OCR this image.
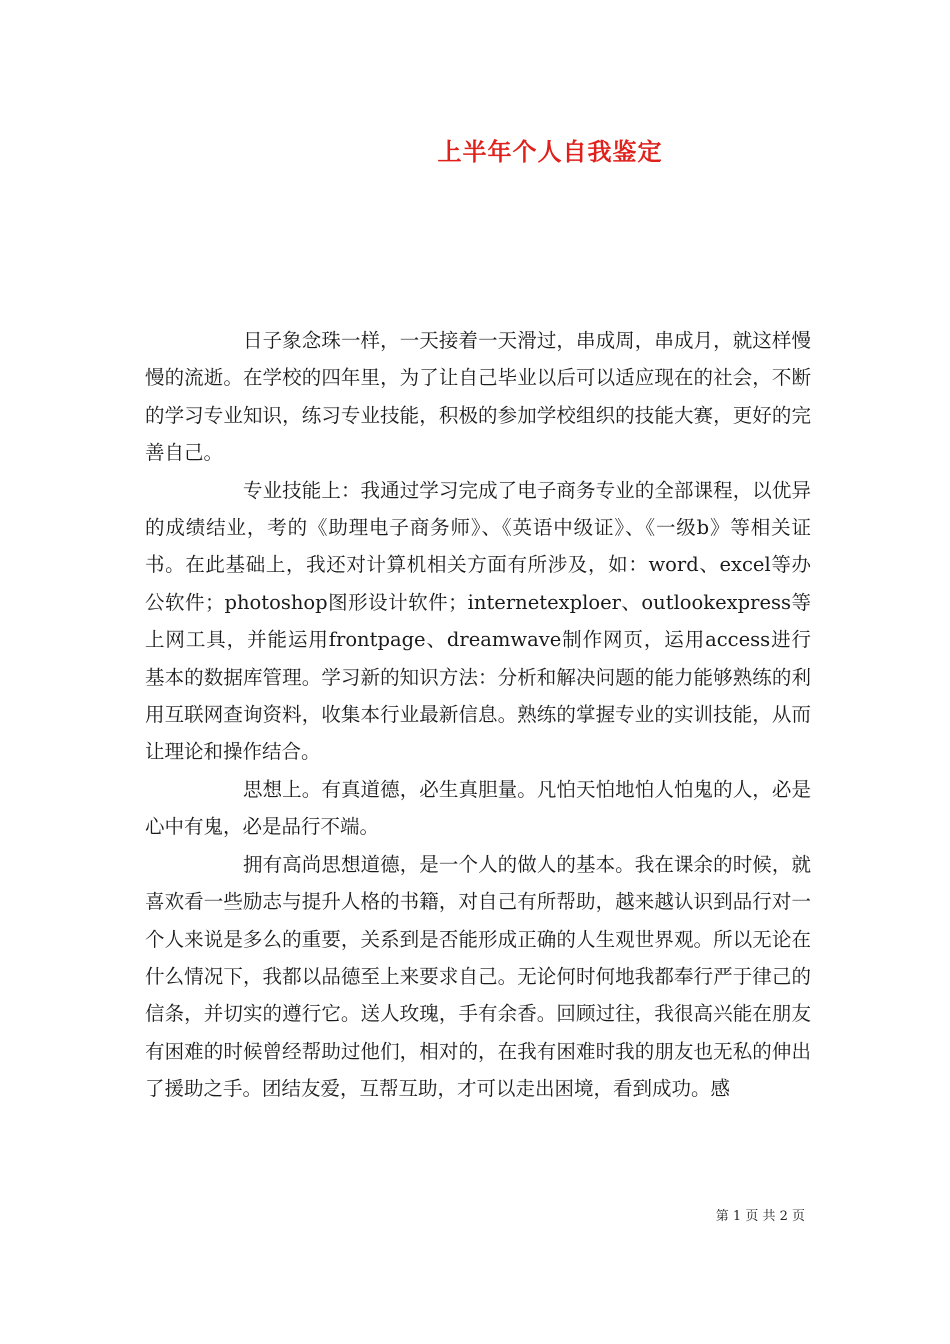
上半年个人自我鉴定

日子象念珠一样，一天接着一天滑过，串成周，串成月，就这样慢慢的流逝。在学校的四年里，为了让自己毕业以后可以适应现在的社会，不断的学习专业知识，练习专业技能，积极的参加学校组织的技能大赛，更好的完善自己。

专业技能上：我通过学习完成了电子商务专业的全部课程，以优异的成绩结业，考的《助理电子商务师》、《英语中级证》、《一级b》等相关证书。在此基础上，我还对计算机相关方面有所涉及，如：word、excel等办公软件；photoshop图形设计软件；internetexploer、outlookexpress等上网工具，并能运用frontpage、dreamwave制作网页，运用access进行基本的数据库管理。学习新的知识方法：分析和解决问题的能力能够熟练的利用互联网查询资料，收集本行业最新信息。熟练的掌握专业的实训技能，从而让理论和操作结合。

思想上。有真道德，必生真胆量。凡怕天怕地怕人怕鬼的人，必是心中有鬼，必是品行不端。

拥有高尚思想道德，是一个人的做人的基本。我在课余的时候，就喜欢看一些励志与提升人格的书籍，对自己有所帮助，越来越认识到品行对一个人来说是多么的重要，关系到是否能形成正确的人生观世界观。所以无论在什么情况下，我都以品德至上来要求自己。无论何时何地我都奉行严于律己的信条，并切实的遵行它。送人玫瑰，手有余香。回顾过往，我很高兴能在朋友有困难的时候曾经帮助过他们，相对的，在我有困难时我的朋友也无私的伸出了援助之手。团结友爱，互帮互助，才可以走出困境，看到成功。感

第 1 页 共 2 页
